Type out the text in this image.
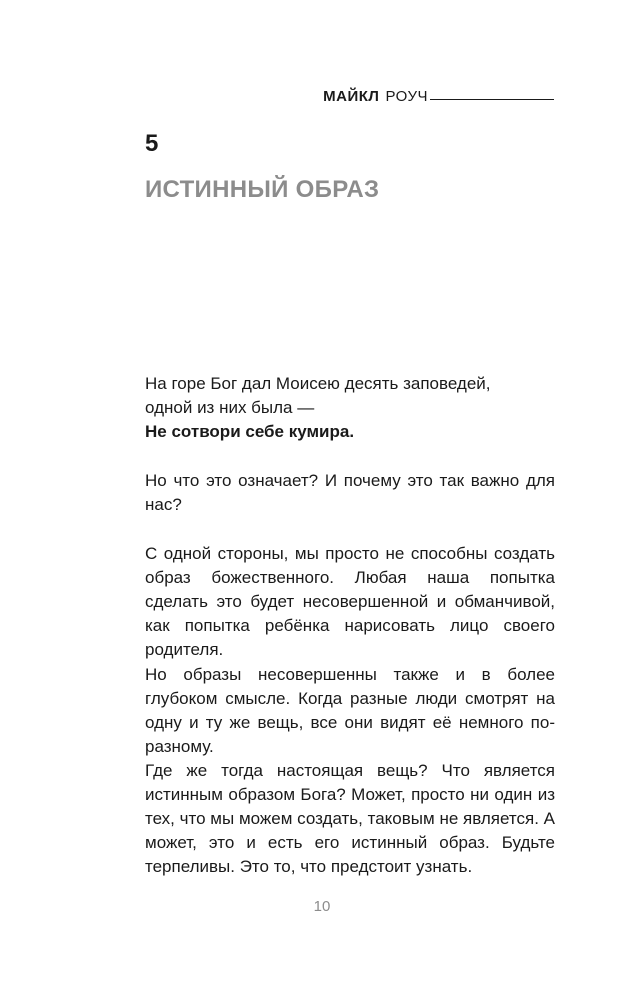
МАЙКЛ РОУЧ
5
ИСТИННЫЙ ОБРАЗ
На горе Бог дал Моисею десять заповедей,
одной из них была —
Не сотвори себе кумира.

Но что это означает? И почему это так важно для нас?

С одной стороны, мы просто не способны создать образ божественного. Любая наша попытка сделать это будет несовершенной и обманчивой, как попытка ребёнка нарисовать лицо своего родителя.

Но образы несовершенны также и в более глубоком смысле. Когда разные люди смотрят на одну и ту же вещь, все они видят её немного по-разному.

Где же тогда настоящая вещь? Что является истинным образом Бога? Может, просто ни один из тех, что мы можем создать, таковым не является. А может, это и есть его истинный образ. Будьте терпеливы. Это то, что предстоит узнать.

10
